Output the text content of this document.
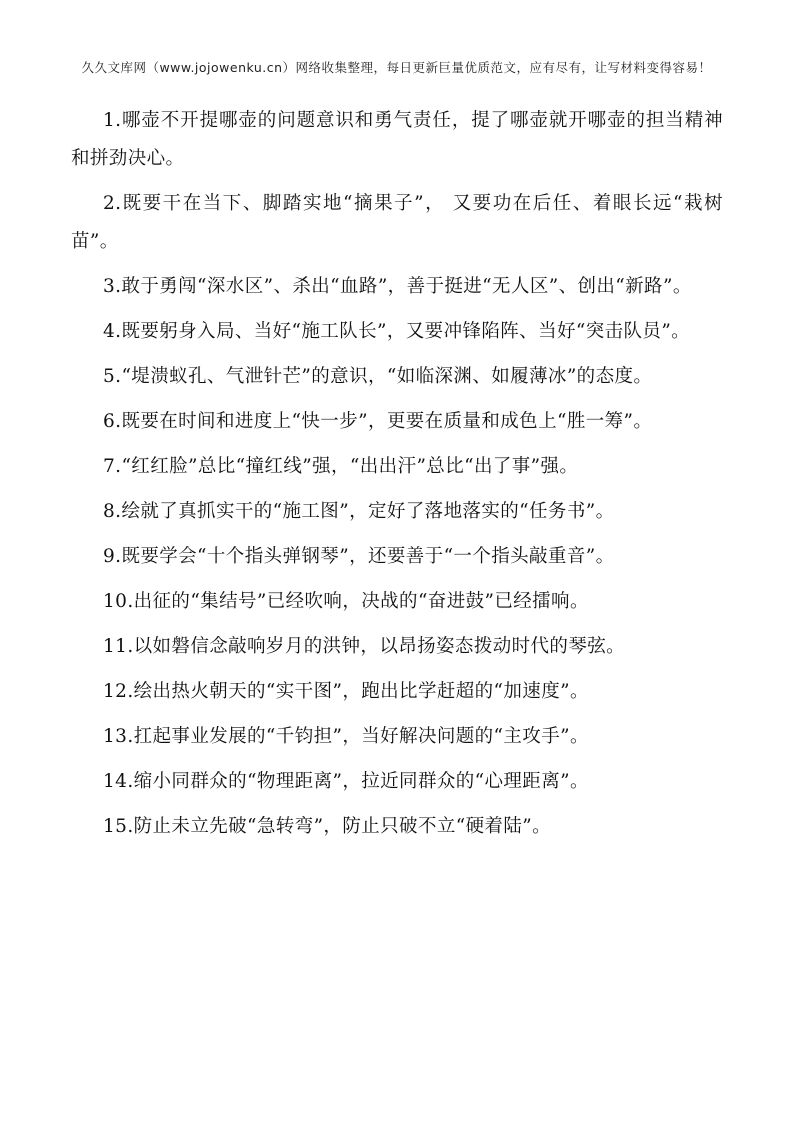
久久文库网（www.jojowenku.cn）网络收集整理，每日更新巨量优质范文，应有尽有，让写材料变得容易！

1.哪壶不开提哪壶的问题意识和勇气责任，提了哪壶就开哪壶的担当精神和拼劲决心。

2.既要干在当下、脚踏实地“摘果子”， 又要功在后任、着眼长远“栽树苗”。

3.敢于勇闯“深水区”、杀出“血路”，善于挺进“无人区”、创出“新路”。

4.既要躬身入局、当好“施工队长”，又要冲锋陷阵、当好“突击队员”。

5.“堤溃蚁孔、气泄针芒”的意识，“如临深渊、如履薄冰”的态度。

6.既要在时间和进度上“快一步”，更要在质量和成色上“胜一筹”。

7.“红红脸”总比“撞红线”强，“出出汗”总比“出了事”强。

8.绘就了真抓实干的“施工图”，定好了落地落实的“任务书”。

9.既要学会“十个指头弹钢琴”，还要善于“一个指头敲重音”。

10.出征的“集结号”已经吹响，决战的“奋进鼓”已经擂响。

11.以如磐信念敲响岁月的洪钟，以昂扬姿态拨动时代的琴弦。

12.绘出热火朝天的“实干图”，跑出比学赶超的“加速度”。

13.扛起事业发展的“千钧担”，当好解决问题的“主攻手”。

14.缩小同群众的“物理距离”，拉近同群众的“心理距离”。

15.防止未立先破“急转弯”，防止只破不立“硬着陆”。
